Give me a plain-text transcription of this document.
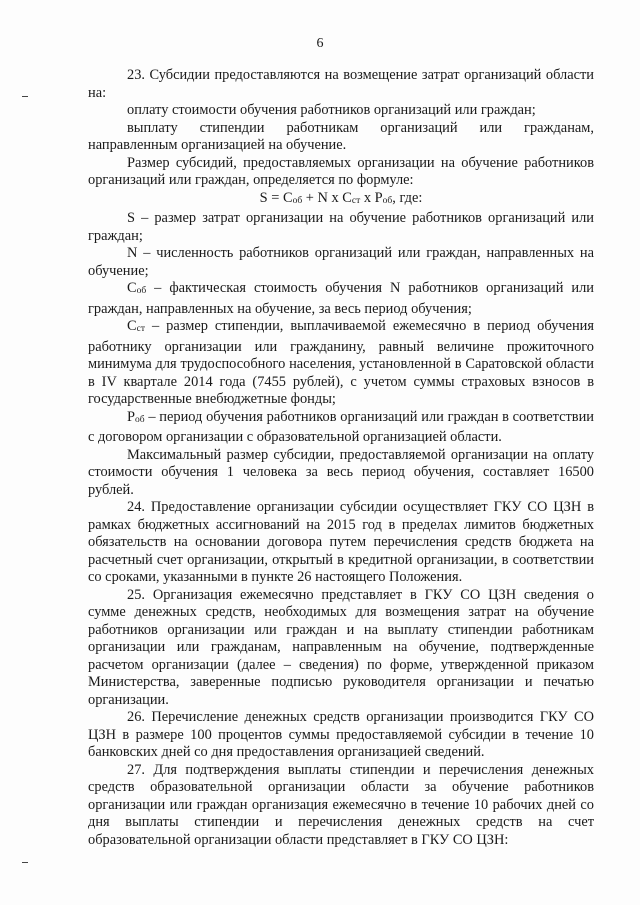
6

23. Субсидии предоставляются на возмещение затрат организаций области на:

оплату стоимости обучения работников организаций или граждан;

выплату стипендии работникам организаций или гражданам, направленным организацией на обучение.

Размер субсидий, предоставляемых организации на обучение работников организаций или граждан, определяется по формуле:

S = Cоб + N x Cст x Pоб, где:

S – размер затрат организации на обучение работников организаций или граждан;

N – численность работников организаций или граждан, направленных на обучение;

Cоб – фактическая стоимость обучения N работников организаций или граждан, направленных на обучение, за весь период обучения;

Cст – размер стипендии, выплачиваемой ежемесячно в период обучения работнику организации или гражданину, равный величине прожиточного минимума для трудоспособного населения, установленной в Саратовской области в IV квартале 2014 года (7455 рублей), с учетом суммы страховых взносов в государственные внебюджетные фонды;

Pоб – период обучения работников организаций или граждан в соответствии с договором организации с образовательной организацией области.

Максимальный размер субсидии, предоставляемой организации на оплату стоимости обучения 1 человека за весь период обучения, составляет 16500 рублей.

24. Предоставление организации субсидии осуществляет ГКУ СО ЦЗН в рамках бюджетных ассигнований на 2015 год в пределах лимитов бюджетных обязательств на основании договора путем перечисления средств бюджета на расчетный счет организации, открытый в кредитной организации, в соответствии со сроками, указанными в пункте 26 настоящего Положения.

25. Организация ежемесячно представляет в ГКУ СО ЦЗН сведения о сумме денежных средств, необходимых для возмещения затрат на обучение работников организации или граждан и на выплату стипендии работникам организации или гражданам, направленным на обучение, подтвержденные расчетом организации (далее – сведения) по форме, утвержденной приказом Министерства, заверенные подписью руководителя организации и печатью организации.

26. Перечисление денежных средств организации производится ГКУ СО ЦЗН в размере 100 процентов суммы предоставляемой субсидии в течение 10 банковских дней со дня предоставления организацией сведений.

27. Для подтверждения выплаты стипендии и перечисления денежных средств образовательной организации области за обучение работников организации или граждан организация ежемесячно в течение 10 рабочих дней со дня выплаты стипендии и перечисления денежных средств на счет образовательной организации области представляет в ГКУ СО ЦЗН:
